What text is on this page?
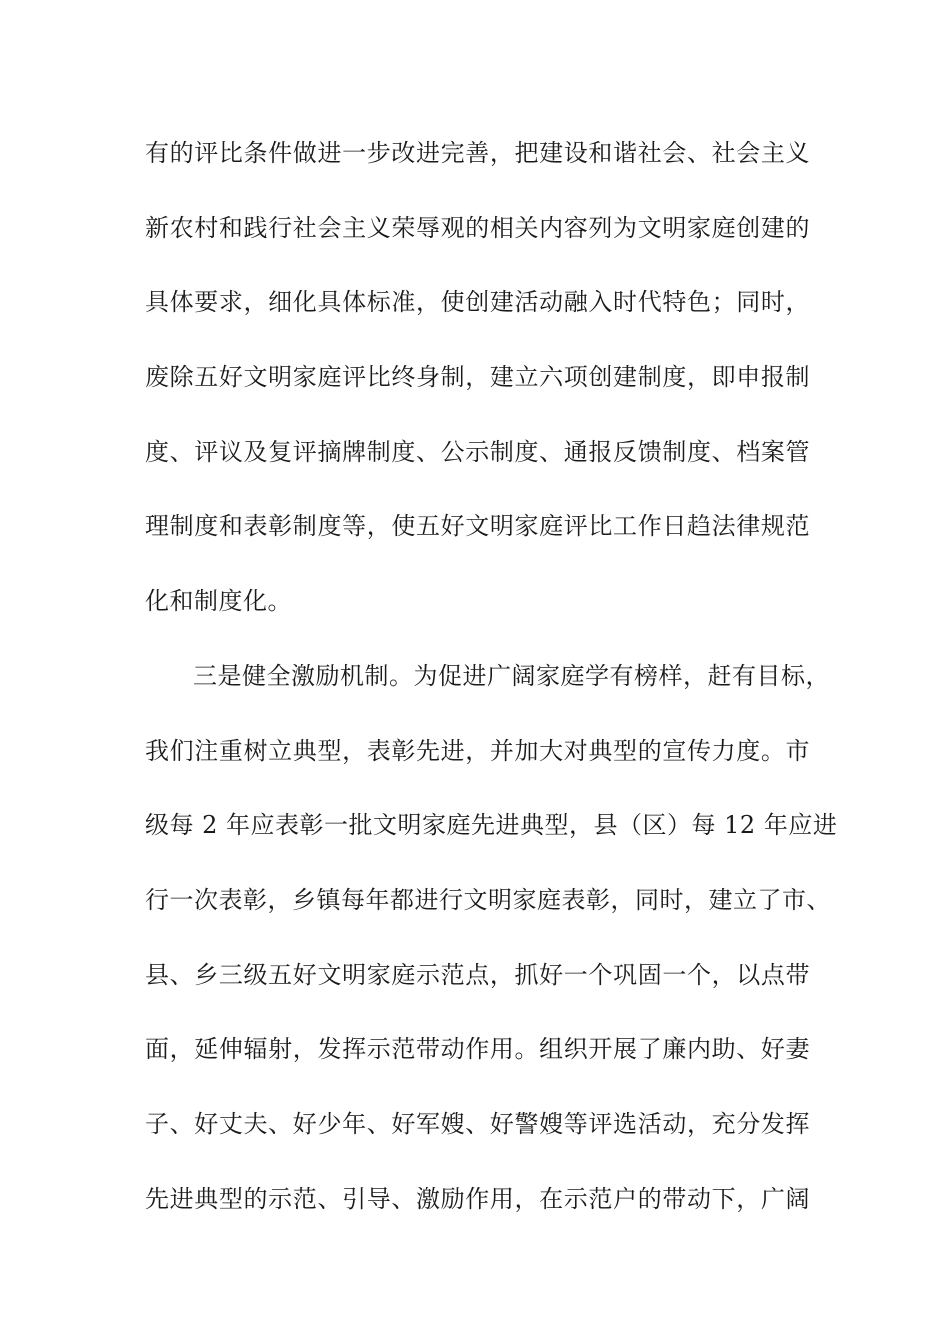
有的评比条件做进一步改进完善，把建设和谐社会、社会主义
新农村和践行社会主义荣辱观的相关内容列为文明家庭创建的
具体要求，细化具体标准，使创建活动融入时代特色；同时，
废除五好文明家庭评比终身制，建立六项创建制度，即申报制
度、评议及复评摘牌制度、公示制度、通报反馈制度、档案管
理制度和表彰制度等，使五好文明家庭评比工作日趋法律规范
化和制度化。
三是健全激励机制。为促进广阔家庭学有榜样，赶有目标，
我们注重树立典型，表彰先进，并加大对典型的宣传力度。市
级每 2 年应表彰一批文明家庭先进典型，县（区）每 12 年应进
行一次表彰，乡镇每年都进行文明家庭表彰，同时，建立了市、
县、乡三级五好文明家庭示范点，抓好一个巩固一个，以点带
面，延伸辐射，发挥示范带动作用。组织开展了廉内助、好妻
子、好丈夫、好少年、好军嫂、好警嫂等评选活动，充分发挥
先进典型的示范、引导、激励作用，在示范户的带动下，广阔
